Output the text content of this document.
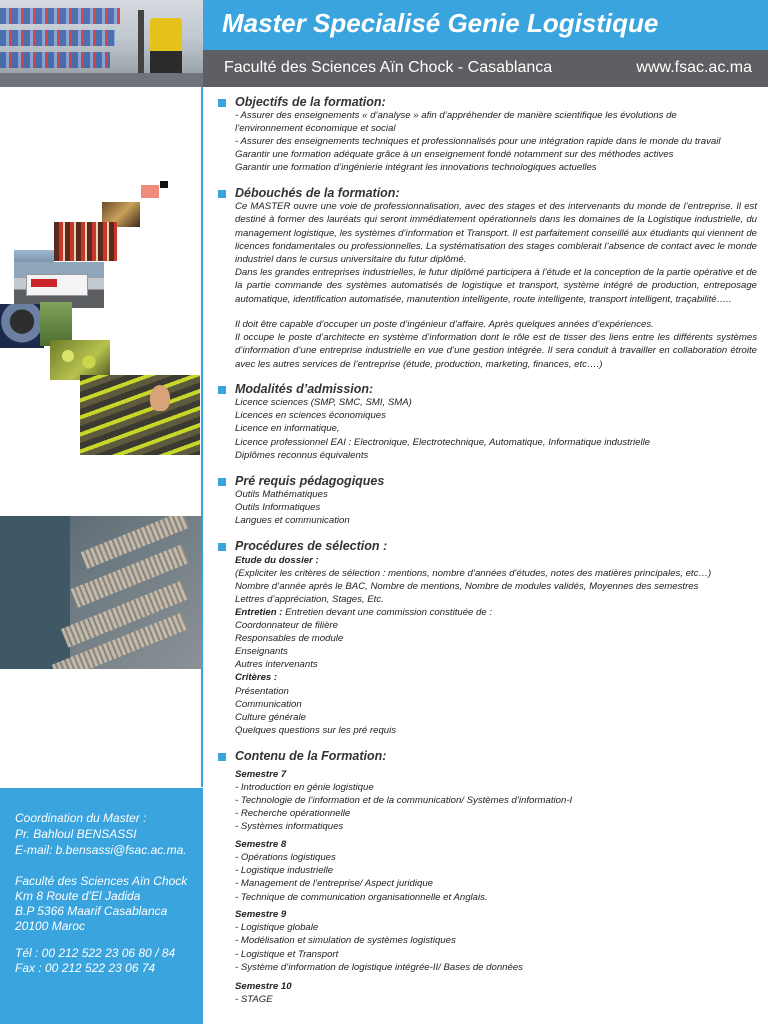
Master Specialisé Genie Logistique
Faculté des Sciences Aïn Chock - Casablanca	www.fsac.ac.ma
Coordination du Master :
Pr. Bahloul BENSASSI
E-mail: b.bensassi@fsac.ac.ma.
Faculté des Sciences Aïn Chock
Km 8 Route d’El Jadida
B.P 5366 Maarif Casablanca
20100 Maroc
Tél : 00 212 522 23 06 80 / 84
Fax : 00 212 522 23 06 74
Objectifs de la formation:
- Assurer des enseignements « d’analyse » afin d’appréhender de manière scientifique les évolutions de
l’environnement économique et social
- Assurer des enseignements techniques et professionnalisés pour une intégration rapide dans le monde du travail
Garantir une formation adéquate grâce à un enseignement fondé notamment sur des méthodes actives
Garantir une formation d’ingénierie intégrant les innovations technologiques actuelles
Débouchés de la formation:
Ce MASTER ouvre une voie de professionnalisation, avec des stages et des intervenants du monde de l’entreprise. Il est destiné à former des lauréats qui seront immédiatement opérationnels dans les domaines de la Logistique industrielle, du management logistique, les systèmes d’information et Transport. Il est parfaitement conseillé aux étudiants qui viennent de licences fondamentales ou professionnelles. La systématisation des stages comblerait l’absence de contact avec le monde industriel dans le cursus universitaire du futur diplômé.
Dans les grandes entreprises industrielles, le futur diplômé participera à l’étude et la conception de la partie opérative et de la partie commande des systèmes automatisés de logistique et transport, système intégré de production, entreposage automatique, identification automatisée, manutention intelligente, route intelligente, transport intelligent, traçabilité…..
Il doit être capable d’occuper un poste d’ingénieur d’affaire. Après quelques années d’expériences.
Il occupe le poste d’architecte en système d’information dont le rôle est de tisser des liens entre les différents systèmes d’information d’une entreprise industrielle en vue d’une gestion intégrée. Il sera conduit à travailler en collaboration étroite avec les autres services de l’entreprise (étude, production, marketing, finances, etc….)
Modalités d’admission:
Licence sciences (SMP, SMC, SMI, SMA)
Licences en sciences économiques
Licence en informatique,
Licence professionnel EAI : Electronique, Electrotechnique, Automatique, Informatique industrielle
Diplômes reconnus équivalents
Pré requis pédagogiques
Outils Mathématiques
Outils Informatiques
Langues et communication
Procédures de sélection :
Etude du dossier :
(Expliciter les critères de sélection : mentions, nombre d’années d’études, notes des matières principales, etc…)
Nombre d’année après le BAC, Nombre de mentions, Nombre de modules validés, Moyennes des semestres
Lettres d’appréciation, Stages, Etc.
Entretien : Entretien devant une commission constituée de :
Coordonnateur de filière
Responsables de module
Enseignants
Autres intervenants
Critères :
Présentation
Communication
Culture générale
Quelques questions sur les pré requis
Contenu de la Formation:
Semestre 7
- Introduction en génie logistique
- Technologie de l’information et de la communication/ Systèmes d’information-I
- Recherche opérationnelle
- Systèmes informatiques
Semestre 8
- Opérations logistiques
- Logistique industrielle
- Management de l’entreprise/ Aspect juridique
- Technique de communication organisationnelle et Anglais.
Semestre 9
- Logistique globale
- Modélisation et simulation de systèmes logistiques
- Logistique et Transport
- Système d’information de logistique intégrée-II/ Bases de données
Semestre 10
- STAGE
